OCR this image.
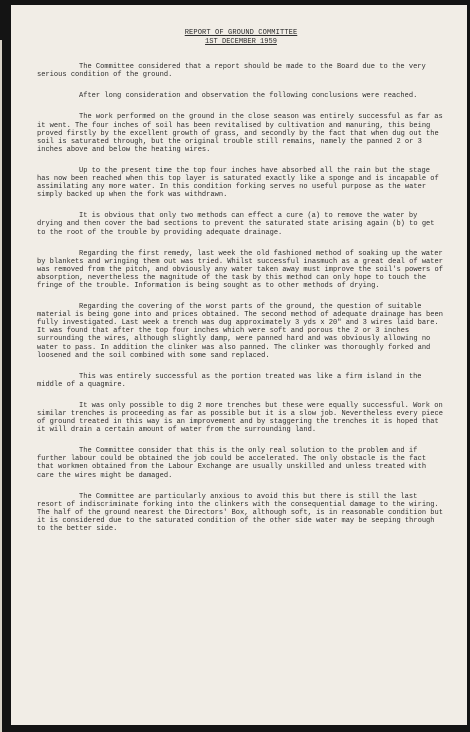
REPORT OF GROUND COMMITTEE
1ST DECEMBER 1959

The Committee considered that a report should be made to the Board due to the very serious condition of the ground.

After long consideration and observation the following conclusions were reached.

The work performed on the ground in the close season was entirely successful as far as it went. The four inches of soil has been revitalised by cultivation and manuring, this being proved firstly by the excellent growth of grass, and secondly by the fact that when dug out the soil is saturated through, but the original trouble still remains, namely the panned 2 or 3 inches above and below the heating wires.

Up to the present time the top four inches have absorbed all the rain but the stage has now been reached when this top layer is saturated exactly like a sponge and is incapable of assimilating any more water. In this condition forking serves no useful purpose as the water simply backed up when the fork was withdrawn.

It is obvious that only two methods can effect a cure (a) to remove the water by drying and then cover the bad sections to prevent the saturated state arising again (b) to get to the root of the trouble by providing adequate drainage.

Regarding the first remedy, last week the old fashioned method of soaking up the water by blankets and wringing them out was tried. Whilst successful inasmuch as a great deal of water was removed from the pitch, and obviously any water taken away must improve the soil's powers of absorption, nevertheless the magnitude of the task by this method can only hope to touch the fringe of the trouble. Information is being sought as to other methods of drying.

Regarding the covering of the worst parts of the ground, the question of suitable material is being gone into and prices obtained. The second method of adequate drainage has been fully investigated. Last week a trench was dug approximately 3 yds x 20" and 3 wires laid bare. It was found that after the top four inches which were soft and porous the 2 or 3 inches surrounding the wires, although slightly damp, were panned hard and was obviously allowing no water to pass. In addition the clinker was also panned. The clinker was thoroughly forked and loosened and the soil combined with some sand replaced.

This was entirely successful as the portion treated was like a firm island in the middle of a quagmire.

It was only possible to dig 2 more trenches but these were equally successful. Work on similar trenches is proceeding as far as possible but it is a slow job. Nevertheless every piece of ground treated in this way is an improvement and by staggering the trenches it is hoped that it will drain a certain amount of water from the surrounding land.

The Committee consider that this is the only real solution to the problem and if further labour could be obtained the job could be accelerated. The only obstacle is the fact that workmen obtained from the Labour Exchange are usually unskilled and unless treated with care the wires might be damaged.

The Committee are particularly anxious to avoid this but there is still the last resort of indiscriminate forking into the clinkers with the consequential damage to the wiring. The half of the ground nearest the Directors' Box, although soft, is in reasonable condition but it is considered due to the saturated condition of the other side water may be seeping through to the better side.
